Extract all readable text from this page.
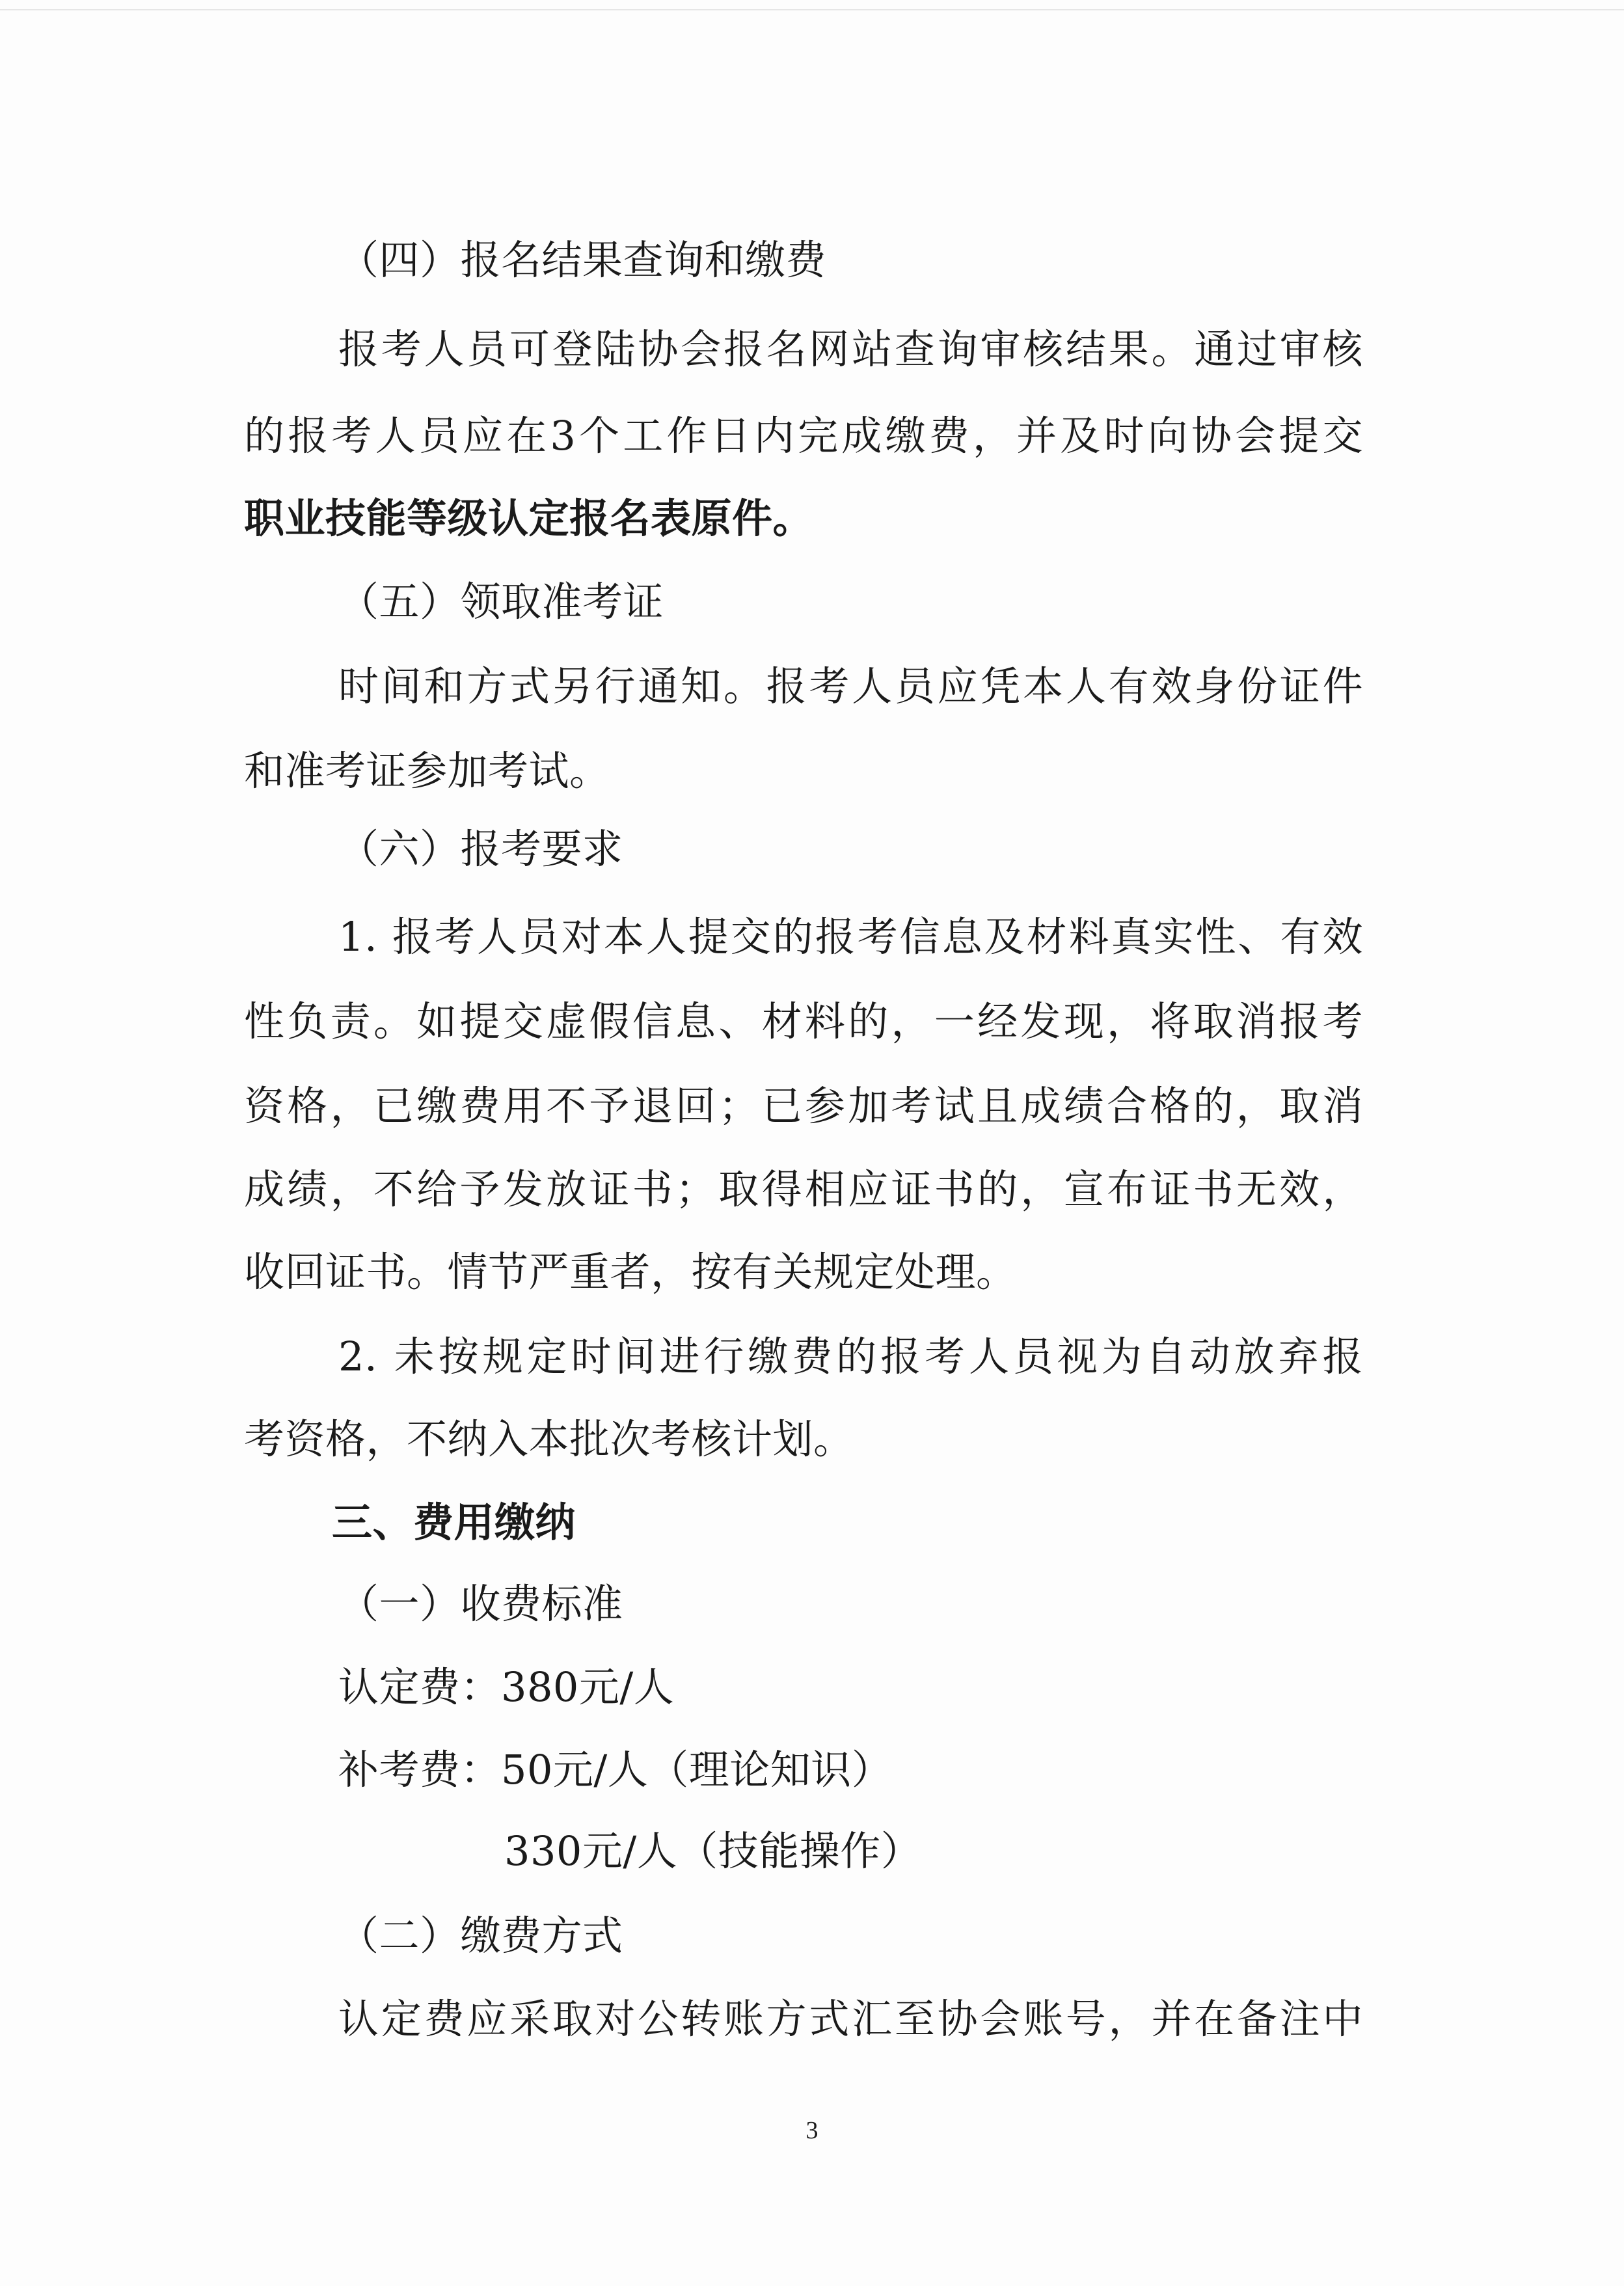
（四）报名结果查询和缴费
报考人员可登陆协会报名网站查询审核结果。通过审核
的报考人员应在3个工作日内完成缴费，并及时向协会提交
职业技能等级认定报名表原件。
（五）领取准考证
时间和方式另行通知。报考人员应凭本人有效身份证件
和准考证参加考试。
（六）报考要求
1. 报考人员对本人提交的报考信息及材料真实性、有效
性负责。如提交虚假信息、材料的，一经发现，将取消报考
资格，已缴费用不予退回；已参加考试且成绩合格的，取消
成绩，不给予发放证书；取得相应证书的，宣布证书无效，
收回证书。情节严重者，按有关规定处理。
2. 未按规定时间进行缴费的报考人员视为自动放弃报
考资格，不纳入本批次考核计划。
三、费用缴纳
（一）收费标准
认定费：380元/人
补考费：50元/人（理论知识）
330元/人（技能操作）
（二）缴费方式
认定费应采取对公转账方式汇至协会账号，并在备注中
3
